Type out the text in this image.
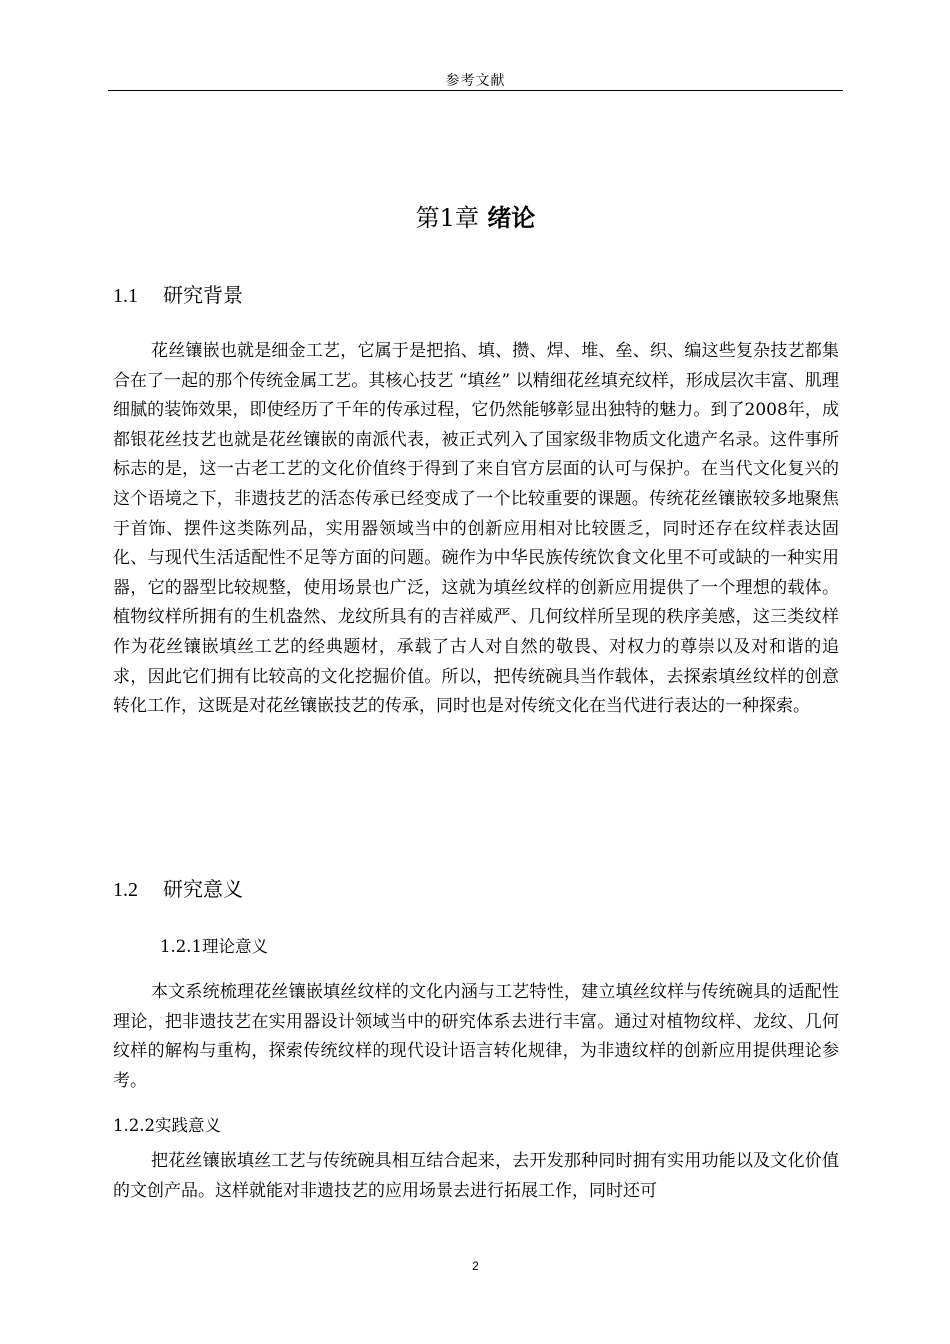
参考文献
第1章 绪论
1.1 研究背景

花丝镶嵌也就是细金工艺，它属于是把掐、填、攒、焊、堆、垒、织、编这些复杂技艺都集合在了一起的那个传统金属工艺。其核心技艺 “填丝” 以精细花丝填充纹样，形成层次丰富、肌理细腻的装饰效果，即使经历了千年的传承过程，它仍然能够彰显出独特的魅力。到了2008年，成都银花丝技艺也就是花丝镶嵌的南派代表，被正式列入了国家级非物质文化遗产名录。这件事所标志的是，这一古老工艺的文化价值终于得到了来自官方层面的认可与保护。在当代文化复兴的这个语境之下，非遗技艺的活态传承已经变成了一个比较重要的课题。传统花丝镶嵌较多地聚焦于首饰、摆件这类陈列品，实用器领域当中的创新应用相对比较匮乏，同时还存在纹样表达固化、与现代生活适配性不足等方面的问题。碗作为中华民族传统饮食文化里不可或缺的一种实用器，它的器型比较规整，使用场景也广泛，这就为填丝纹样的创新应用提供了一个理想的载体。植物纹样所拥有的生机盎然、龙纹所具有的吉祥威严、几何纹样所呈现的秩序美感，这三类纹样作为花丝镶嵌填丝工艺的经典题材，承载了古人对自然的敬畏、对权力的尊崇以及对和谐的追求，因此它们拥有比较高的文化挖掘价值。所以，把传统碗具当作载体，去探索填丝纹样的创意转化工作，这既是对花丝镶嵌技艺的传承，同时也是对传统文化在当代进行表达的一种探索。

1.2 研究意义
1.2.1理论意义

本文系统梳理花丝镶嵌填丝纹样的文化内涵与工艺特性，建立填丝纹样与传统碗具的适配性理论，把非遗技艺在实用器设计领域当中的研究体系去进行丰富。通过对植物纹样、龙纹、几何纹样的解构与重构，探索传统纹样的现代设计语言转化规律，为非遗纹样的创新应用提供理论参考。

1.2.2实践意义

把花丝镶嵌填丝工艺与传统碗具相互结合起来，去开发那种同时拥有实用功能以及文化价值的文创产品。这样就能对非遗技艺的应用场景去进行拓展工作，同时还可

2
